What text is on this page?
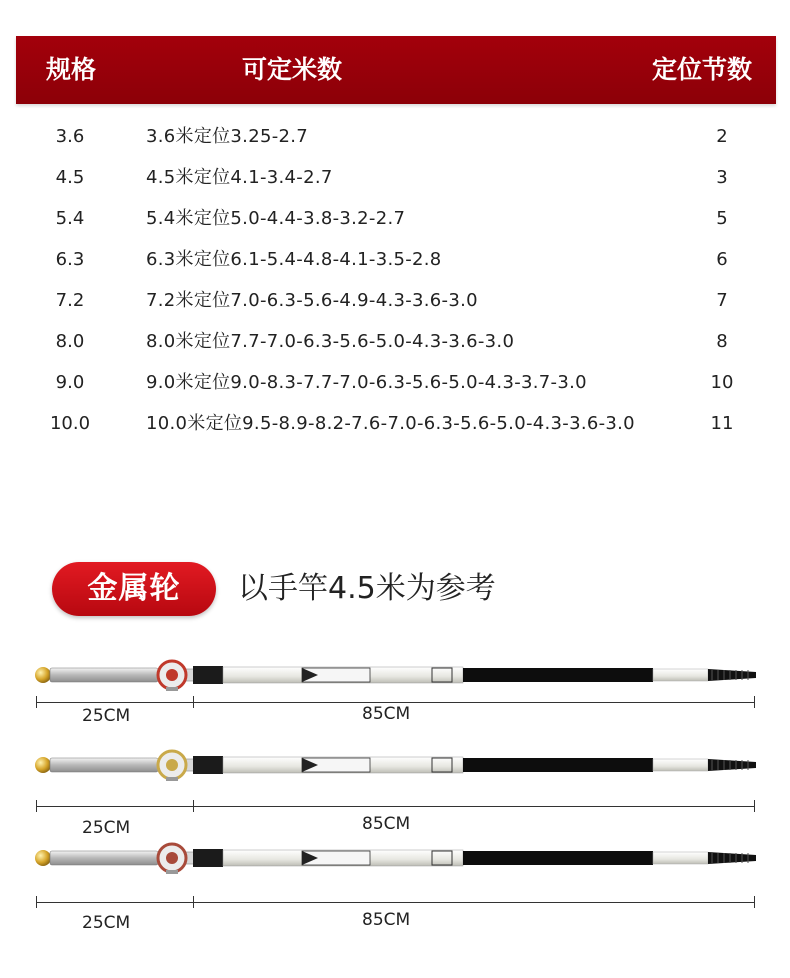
规格	可定米数	定位节数
3.6	3.6米定位3.25-2.7	2
4.5	4.5米定位4.1-3.4-2.7	3
5.4	5.4米定位5.0-4.4-3.8-3.2-2.7	5
6.3	6.3米定位6.1-5.4-4.8-4.1-3.5-2.8	6
7.2	7.2米定位7.0-6.3-5.6-4.9-4.3-3.6-3.0	7
8.0	8.0米定位7.7-7.0-6.3-5.6-5.0-4.3-3.6-3.0	8
9.0	9.0米定位9.0-8.3-7.7-7.0-6.3-5.6-5.0-4.3-3.7-3.0	10
10.0	10.0米定位9.5-8.9-8.2-7.6-7.0-6.3-5.6-5.0-4.3-3.6-3.0	11
金属轮	以手竿4.5米为参考
25CM	85CM
25CM	85CM
25CM	85CM
